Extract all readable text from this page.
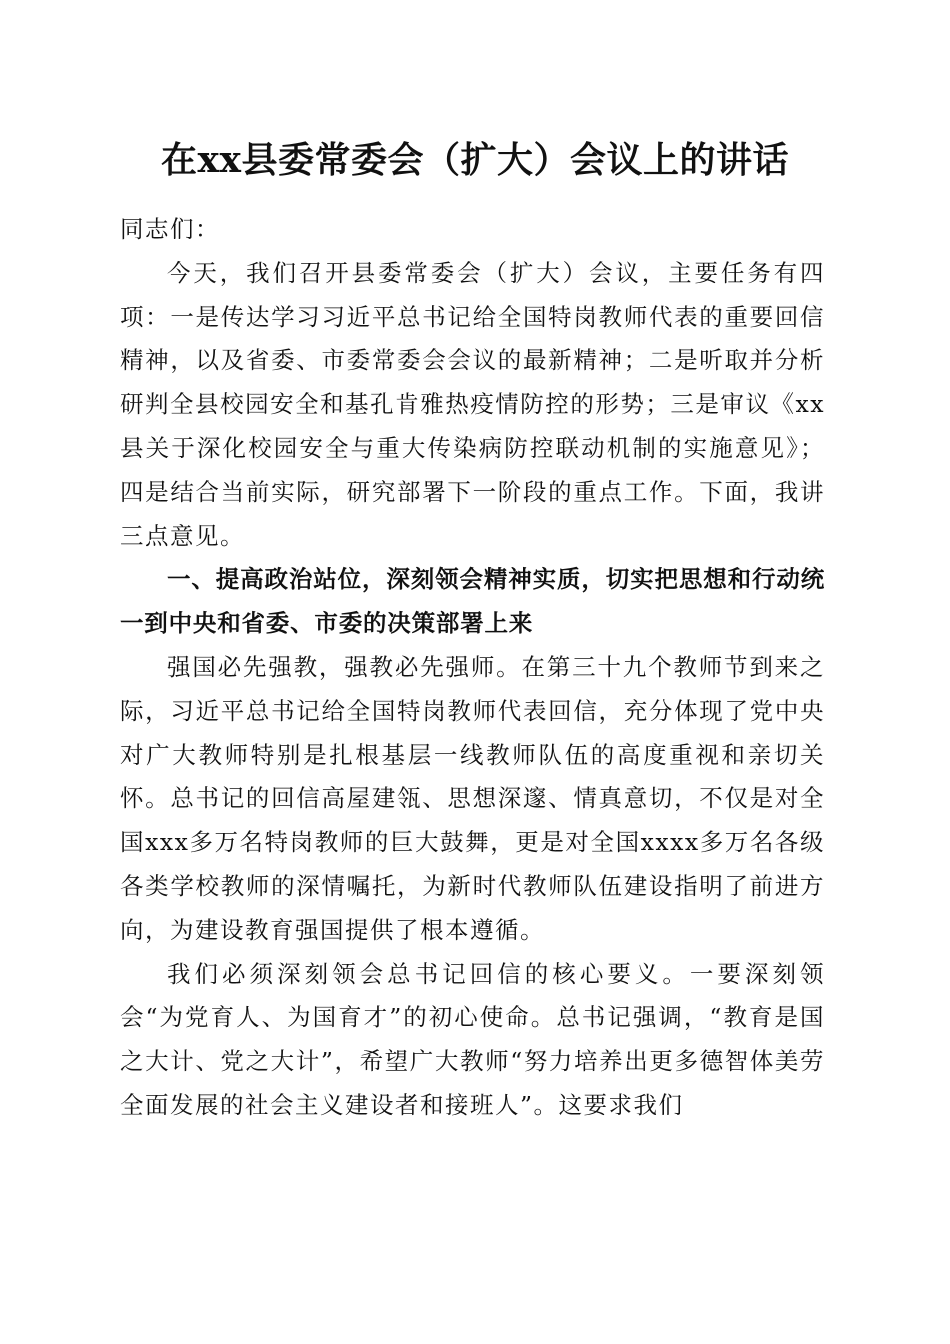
在xx县委常委会（扩大）会议上的讲话

同志们：

今天，我们召开县委常委会（扩大）会议，主要任务有四项：一是传达学习习近平总书记给全国特岗教师代表的重要回信精神，以及省委、市委常委会会议的最新精神；二是听取并分析研判全县校园安全和基孔肯雅热疫情防控的形势；三是审议《xx县关于深化校园安全与重大传染病防控联动机制的实施意见》；四是结合当前实际，研究部署下一阶段的重点工作。下面，我讲三点意见。

一、提高政治站位，深刻领会精神实质，切实把思想和行动统一到中央和省委、市委的决策部署上来

强国必先强教，强教必先强师。在第三十九个教师节到来之际，习近平总书记给全国特岗教师代表回信，充分体现了党中央对广大教师特别是扎根基层一线教师队伍的高度重视和亲切关怀。总书记的回信高屋建瓴、思想深邃、情真意切，不仅是对全国xxx多万名特岗教师的巨大鼓舞，更是对全国xxxx多万名各级各类学校教师的深情嘱托，为新时代教师队伍建设指明了前进方向，为建设教育强国提供了根本遵循。

我们必须深刻领会总书记回信的核心要义。一要深刻领会“为党育人、为国育才”的初心使命。总书记强调，“教育是国之大计、党之大计”，希望广大教师“努力培养出更多德智体美劳全面发展的社会主义建设者和接班人”。这要求我们
